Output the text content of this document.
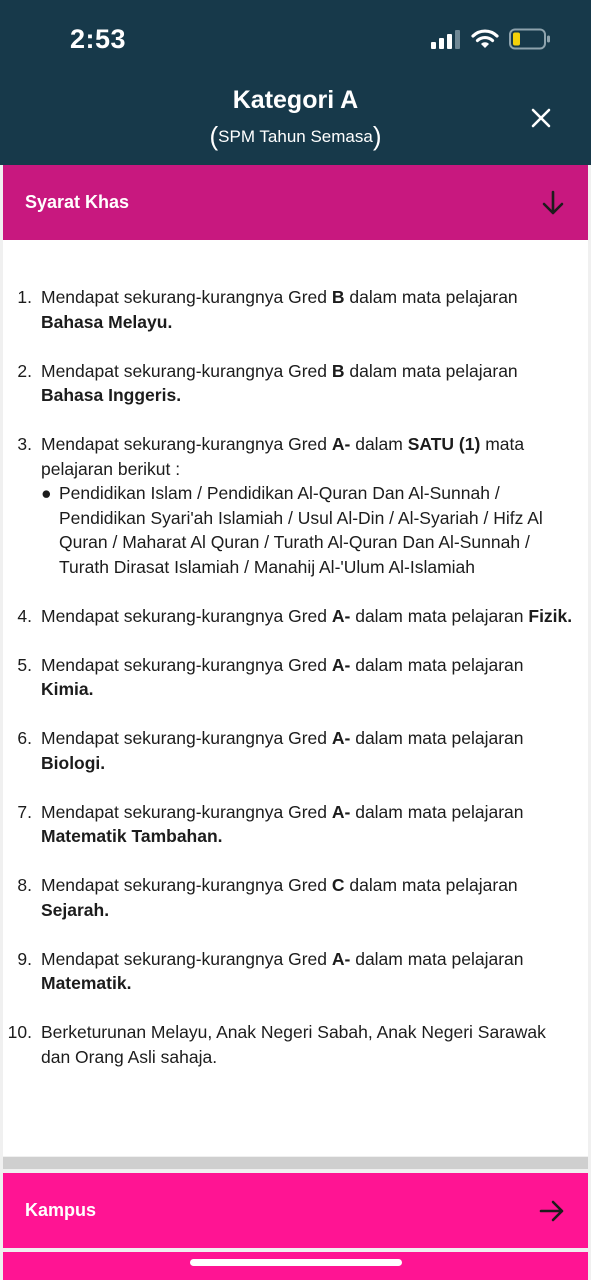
2:53
Kategori A
(SPM Tahun Semasa)
Syarat Khas
1. Mendapat sekurang-kurangnya Gred B dalam mata pelajaran Bahasa Melayu.
2. Mendapat sekurang-kurangnya Gred B dalam mata pelajaran Bahasa Inggeris.
3. Mendapat sekurang-kurangnya Gred A- dalam SATU (1) mata pelajaran berikut :
● Pendidikan Islam / Pendidikan Al-Quran Dan Al-Sunnah / Pendidikan Syari'ah Islamiah / Usul Al-Din / Al-Syariah / Hifz Al Quran / Maharat Al Quran / Turath Al-Quran Dan Al-Sunnah / Turath Dirasat Islamiah / Manahij Al-'Ulum Al-Islamiah
4. Mendapat sekurang-kurangnya Gred A- dalam mata pelajaran Fizik.
5. Mendapat sekurang-kurangnya Gred A- dalam mata pelajaran Kimia.
6. Mendapat sekurang-kurangnya Gred A- dalam mata pelajaran Biologi.
7. Mendapat sekurang-kurangnya Gred A- dalam mata pelajaran Matematik Tambahan.
8. Mendapat sekurang-kurangnya Gred C dalam mata pelajaran Sejarah.
9. Mendapat sekurang-kurangnya Gred A- dalam mata pelajaran Matematik.
10. Berketurunan Melayu, Anak Negeri Sabah, Anak Negeri Sarawak dan Orang Asli sahaja.
Kampus
